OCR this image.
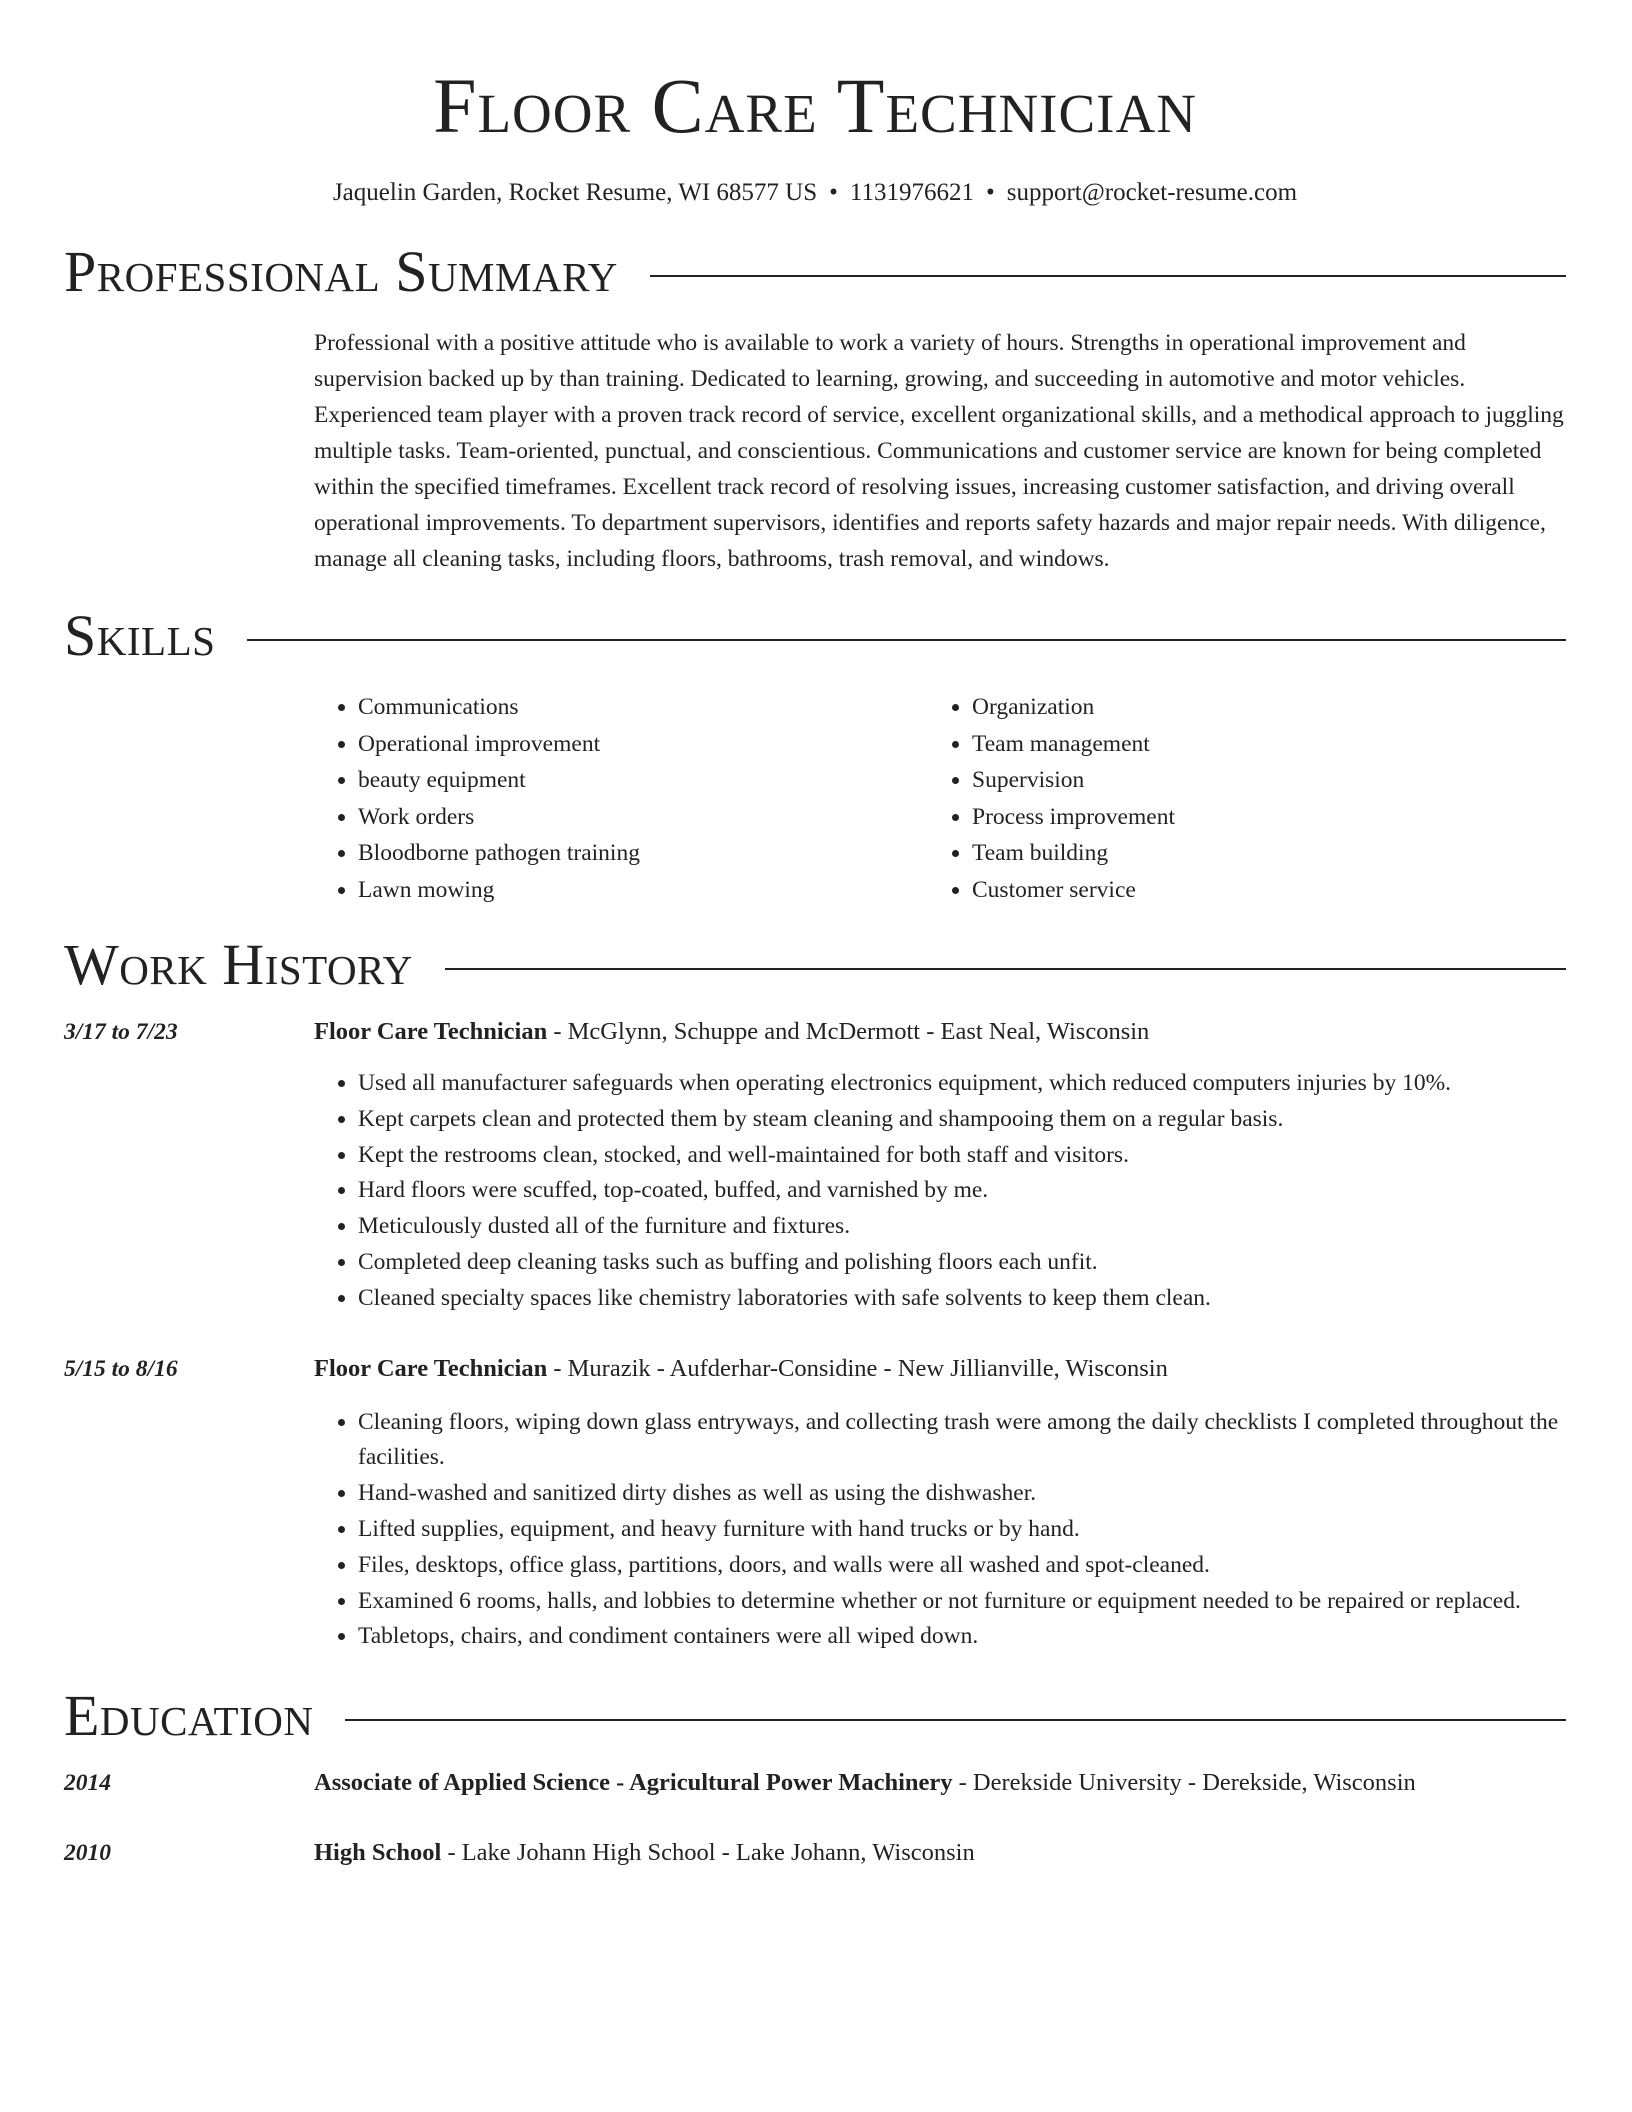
Floor Care Technician
Jaquelin Garden, Rocket Resume, WI 68577 US • 1131976621 • support@rocket-resume.com
Professional Summary
Professional with a positive attitude who is available to work a variety of hours. Strengths in operational improvement and supervision backed up by than training. Dedicated to learning, growing, and succeeding in automotive and motor vehicles. Experienced team player with a proven track record of service, excellent organizational skills, and a methodical approach to juggling multiple tasks. Team-oriented, punctual, and conscientious. Communications and customer service are known for being completed within the specified timeframes. Excellent track record of resolving issues, increasing customer satisfaction, and driving overall operational improvements. To department supervisors, identifies and reports safety hazards and major repair needs. With diligence, manage all cleaning tasks, including floors, bathrooms, trash removal, and windows.
Skills
• Communications
• Operational improvement
• beauty equipment
• Work orders
• Bloodborne pathogen training
• Lawn mowing
• Organization
• Team management
• Supervision
• Process improvement
• Team building
• Customer service
Work History
3/17 to 7/23	Floor Care Technician - McGlynn, Schuppe and McDermott - East Neal, Wisconsin
• Used all manufacturer safeguards when operating electronics equipment, which reduced computers injuries by 10%.
• Kept carpets clean and protected them by steam cleaning and shampooing them on a regular basis.
• Kept the restrooms clean, stocked, and well-maintained for both staff and visitors.
• Hard floors were scuffed, top-coated, buffed, and varnished by me.
• Meticulously dusted all of the furniture and fixtures.
• Completed deep cleaning tasks such as buffing and polishing floors each unfit.
• Cleaned specialty spaces like chemistry laboratories with safe solvents to keep them clean.
5/15 to 8/16	Floor Care Technician - Murazik - Aufderhar-Considine - New Jillianville, Wisconsin
• Cleaning floors, wiping down glass entryways, and collecting trash were among the daily checklists I completed throughout the facilities.
• Hand-washed and sanitized dirty dishes as well as using the dishwasher.
• Lifted supplies, equipment, and heavy furniture with hand trucks or by hand.
• Files, desktops, office glass, partitions, doors, and walls were all washed and spot-cleaned.
• Examined 6 rooms, halls, and lobbies to determine whether or not furniture or equipment needed to be repaired or replaced.
• Tabletops, chairs, and condiment containers were all wiped down.
Education
2014	Associate of Applied Science - Agricultural Power Machinery - Derekside University - Derekside, Wisconsin
2010	High School - Lake Johann High School - Lake Johann, Wisconsin
